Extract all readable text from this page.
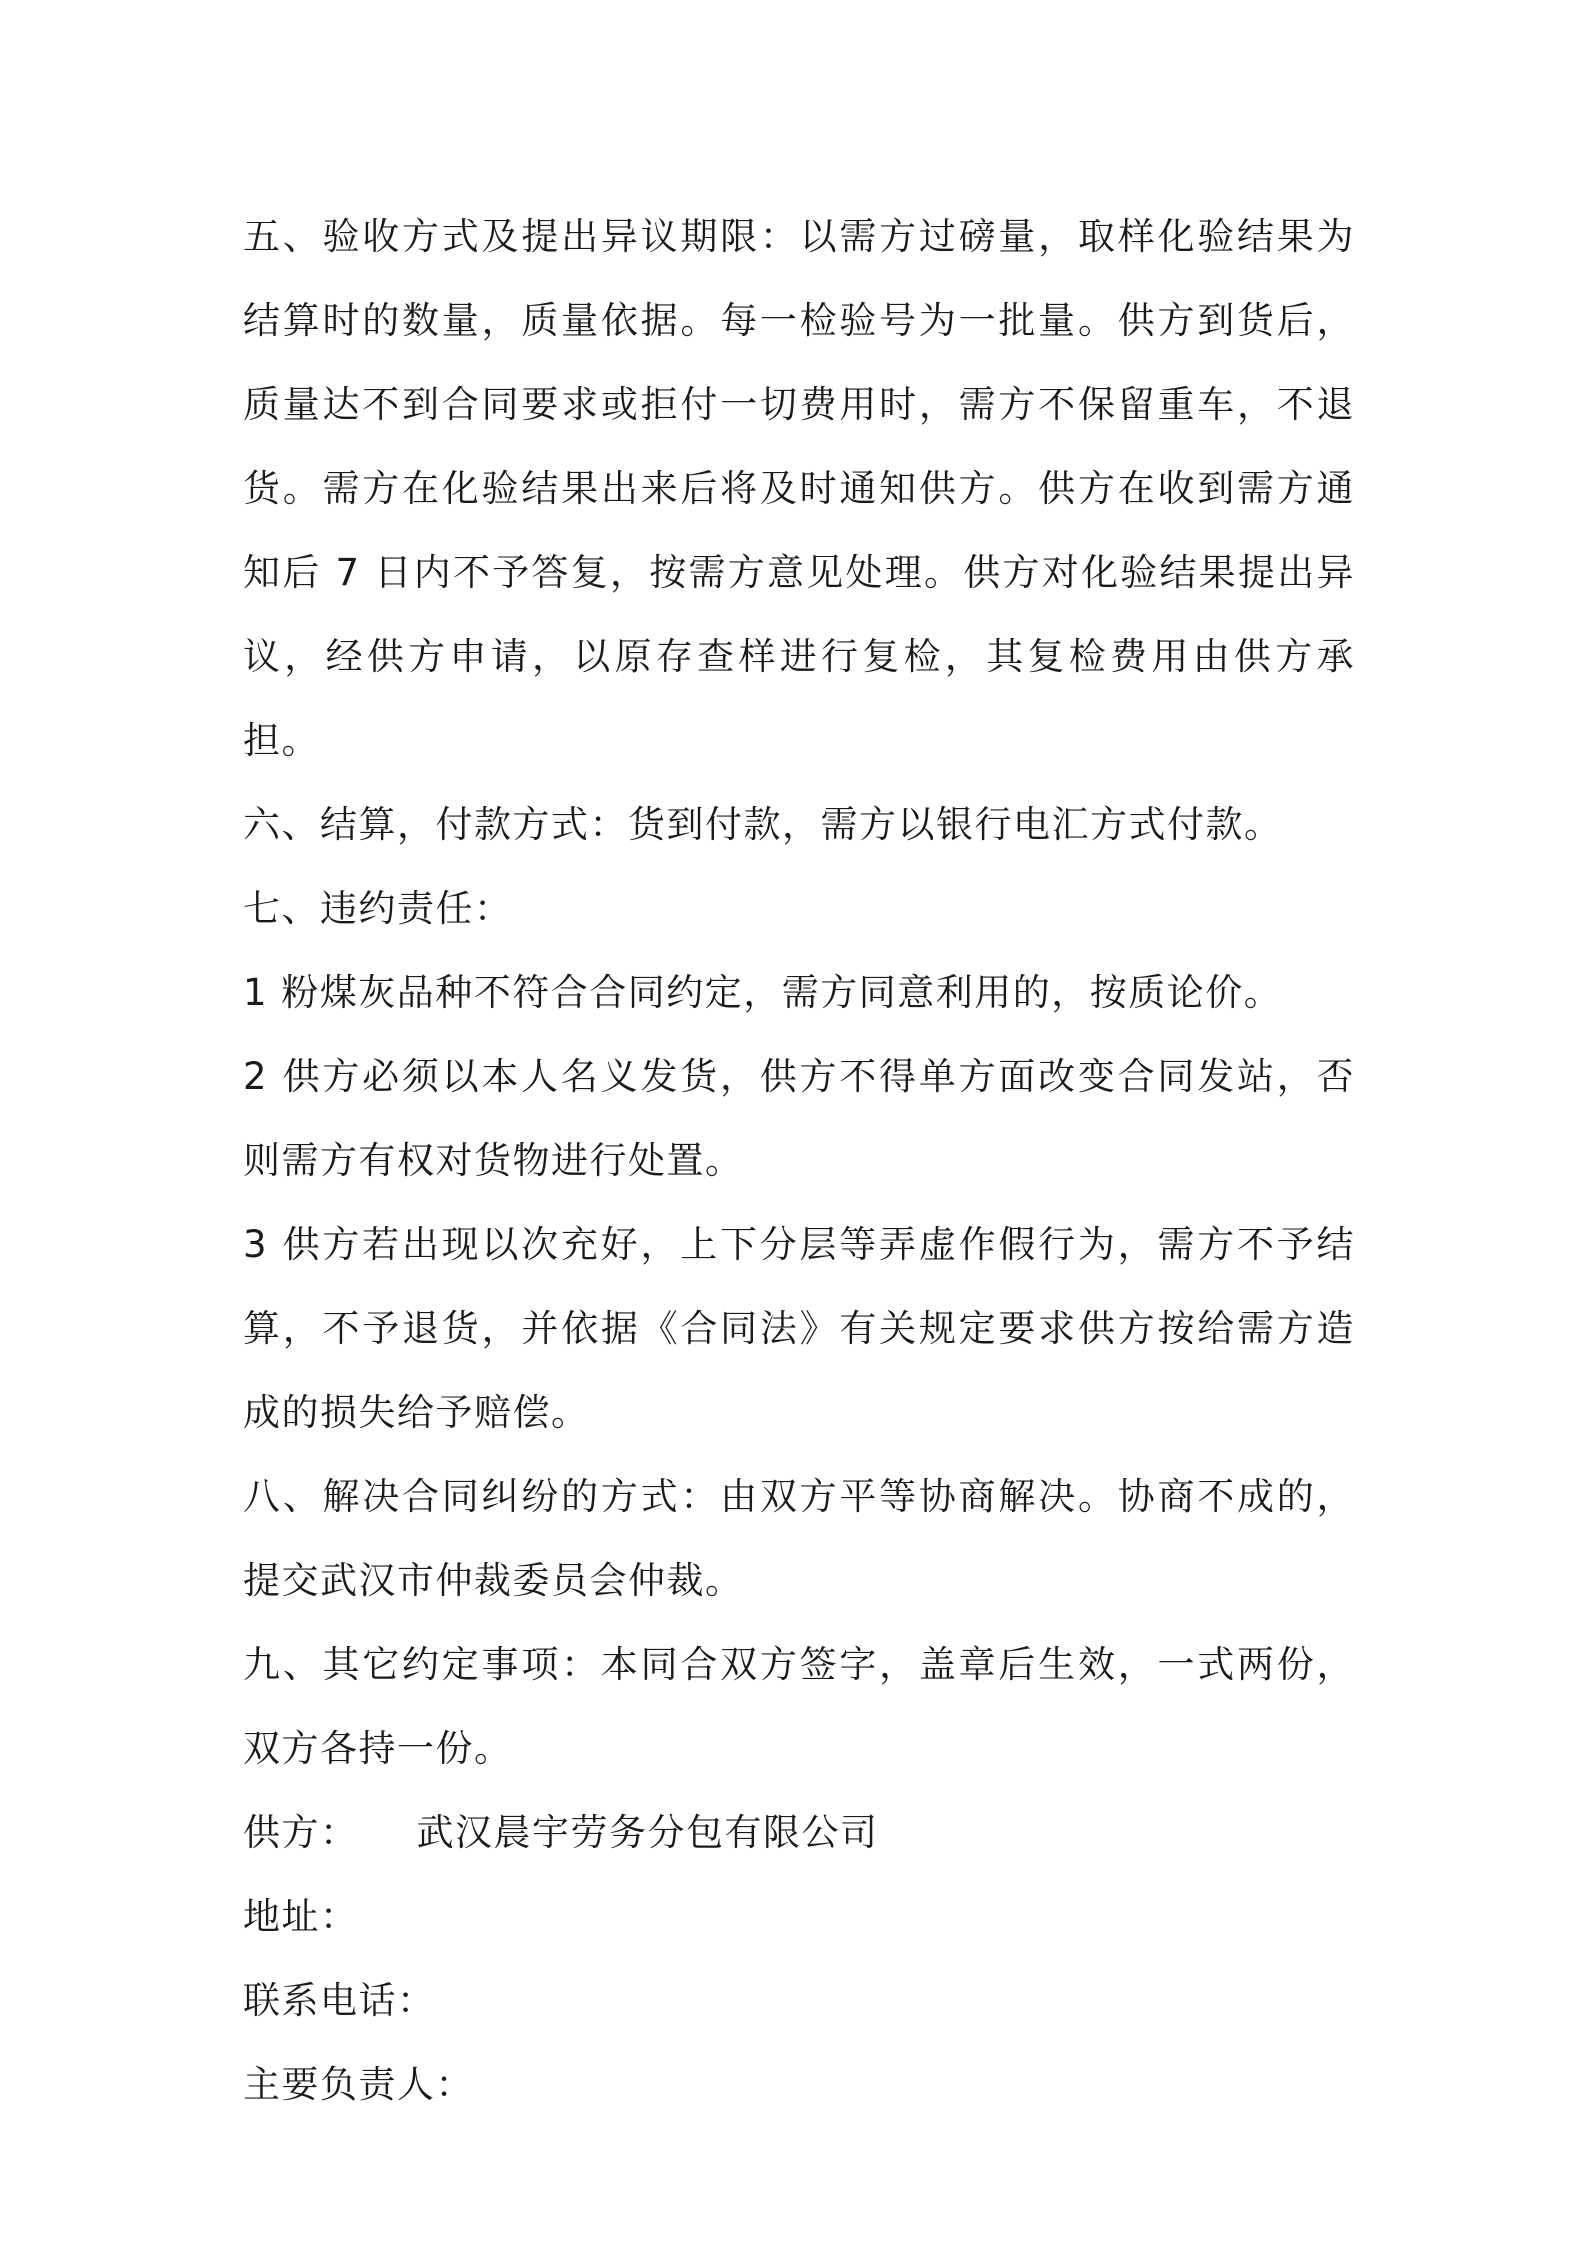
五、验收方式及提出异议期限：以需方过磅量，取样化验结果为结算时的数量，质量依据。每一检验号为一批量。供方到货后，质量达不到合同要求或拒付一切费用时，需方不保留重车，不退货。需方在化验结果出来后将及时通知供方。供方在收到需方通知后 7 日内不予答复，按需方意见处理。供方对化验结果提出异议，经供方申请，以原存查样进行复检，其复检费用由供方承担。

六、结算，付款方式：货到付款，需方以银行电汇方式付款。

七、违约责任：

1 粉煤灰品种不符合合同约定，需方同意利用的，按质论价。

2 供方必须以本人名义发货，供方不得单方面改变合同发站，否则需方有权对货物进行处置。

3 供方若出现以次充好，上下分层等弄虚作假行为，需方不予结算，不予退货，并依据《合同法》有关规定要求供方按给需方造成的损失给予赔偿。

八、解决合同纠纷的方式：由双方平等协商解决。协商不成的，提交武汉市仲裁委员会仲裁。

九、其它约定事项：本同合双方签字，盖章后生效，一式两份，双方各持一份。

供方： 武汉晨宇劳务分包有限公司
地址：
联系电话：
主要负责人：
